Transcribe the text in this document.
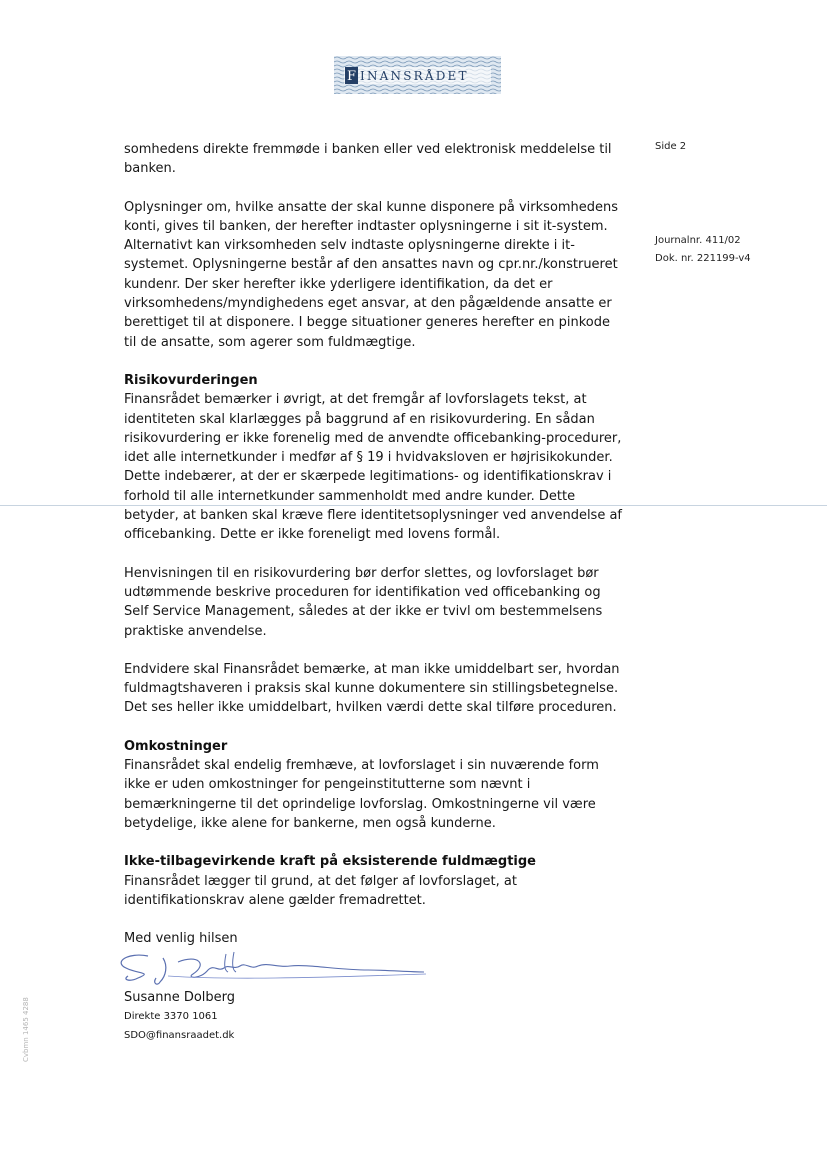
F INANSRÅDET
Side 2
Journalnr. 411/02
Dok. nr. 221199-v4

somhedens direkte fremmøde i banken eller ved elektronisk meddelelse til banken.

Oplysninger om, hvilke ansatte der skal kunne disponere på virksomhedens konti, gives til banken, der herefter indtaster oplysningerne i sit it-system. Alternativt kan virksomheden selv indtaste oplysningerne direkte i it-systemet. Oplysningerne består af den ansattes navn og cpr.nr./konstrueret kundenr. Der sker herefter ikke yderligere identifikation, da det er virksomhedens/myndighedens eget ansvar, at den pågældende ansatte er berettiget til at disponere. I begge situationer generes herefter en pinkode til de ansatte, som agerer som fuldmægtige.

Risikovurderingen

Finansrådet bemærker i øvrigt, at det fremgår af lovforslagets tekst, at identiteten skal klarlægges på baggrund af en risikovurdering. En sådan risikovurdering er ikke forenelig med de anvendte officebanking-procedurer, idet alle internetkunder i medfør af § 19 i hvidvaksloven er højrisikokunder. Dette indebærer, at der er skærpede legitimations- og identifikationskrav i forhold til alle internetkunder sammenholdt med andre kunder. Dette betyder, at banken skal kræve flere identitetsoplysninger ved anvendelse af officebanking. Dette er ikke foreneligt med lovens formål.

Henvisningen til en risikovurdering bør derfor slettes, og lovforslaget bør udtømmende beskrive proceduren for identifikation ved officebanking og Self Service Management, således at der ikke er tvivl om bestemmelsens praktiske anvendelse.

Endvidere skal Finansrådet bemærke, at man ikke umiddelbart ser, hvordan fuldmagtshaveren i praksis skal kunne dokumentere sin stillingsbetegnelse. Det ses heller ikke umiddelbart, hvilken værdi dette skal tilføre proceduren.

Omkostninger

Finansrådet skal endelig fremhæve, at lovforslaget i sin nuværende form ikke er uden omkostninger for pengeinstitutterne som nævnt i bemærkningerne til det oprindelige lovforslag. Omkostningerne vil være betydelige, ikke alene for bankerne, men også kunderne.

Ikke-tilbagevirkende kraft på eksisterende fuldmægtige

Finansrådet lægger til grund, at det følger af lovforslaget, at identifikationskrav alene gælder fremadrettet.

Med venlig hilsen
Susanne Dolberg
Direkte 3370 1061
SDO@finansraadet.dk
Cvbmn 1465 4288
